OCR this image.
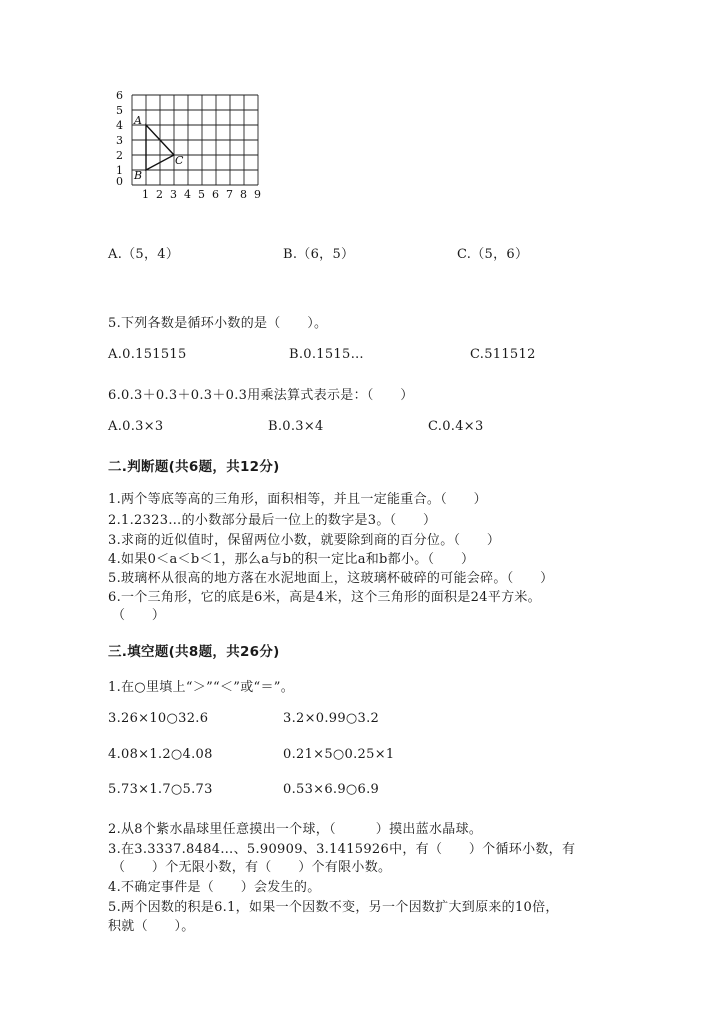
6
5
4
3
2
1
0
1 2 3 4 5 6 7 8 9
A
B
C
A.（5，4）	B.（6，5）	C.（5，6）
5.下列各数是循环小数的是（　　）。
A.0.151515	B.0.1515…	C.511512
6.0.3＋0.3＋0.3＋0.3用乘法算式表示是：（　　）
A.0.3×3	B.0.3×4	C.0.4×3
二.判断题(共6题，共12分)
1.两个等底等高的三角形，面积相等，并且一定能重合。（　　）
2.1.2323…的小数部分最后一位上的数字是3。（　　）
3.求商的近似值时，保留两位小数，就要除到商的百分位。（　　）
4.如果0＜a＜b＜1，那么a与b的积一定比a和b都小。（　　）
5.玻璃杯从很高的地方落在水泥地面上，这玻璃杯破碎的可能会碎。（　　）
6.一个三角形，它的底是6米，高是4米，这个三角形的面积是24平方米。
（　　）
三.填空题(共8题，共26分)
1.在○里填上“＞”“＜”或“＝”。
3.26×10○32.6	3.2×0.99○3.2
4.08×1.2○4.08	0.21×5○0.25×1
5.73×1.7○5.73	0.53×6.9○6.9
2.从8个紫水晶球里任意摸出一个球，（　　　）摸出蓝水晶球。
3.在3.3337.8484…、5.90909、3.1415926中，有（　　）个循环小数，有
（　　）个无限小数，有（　　）个有限小数。
4.不确定事件是（　　）会发生的。
5.两个因数的积是6.1，如果一个因数不变，另一个因数扩大到原来的10倍，
积就（　　）。
